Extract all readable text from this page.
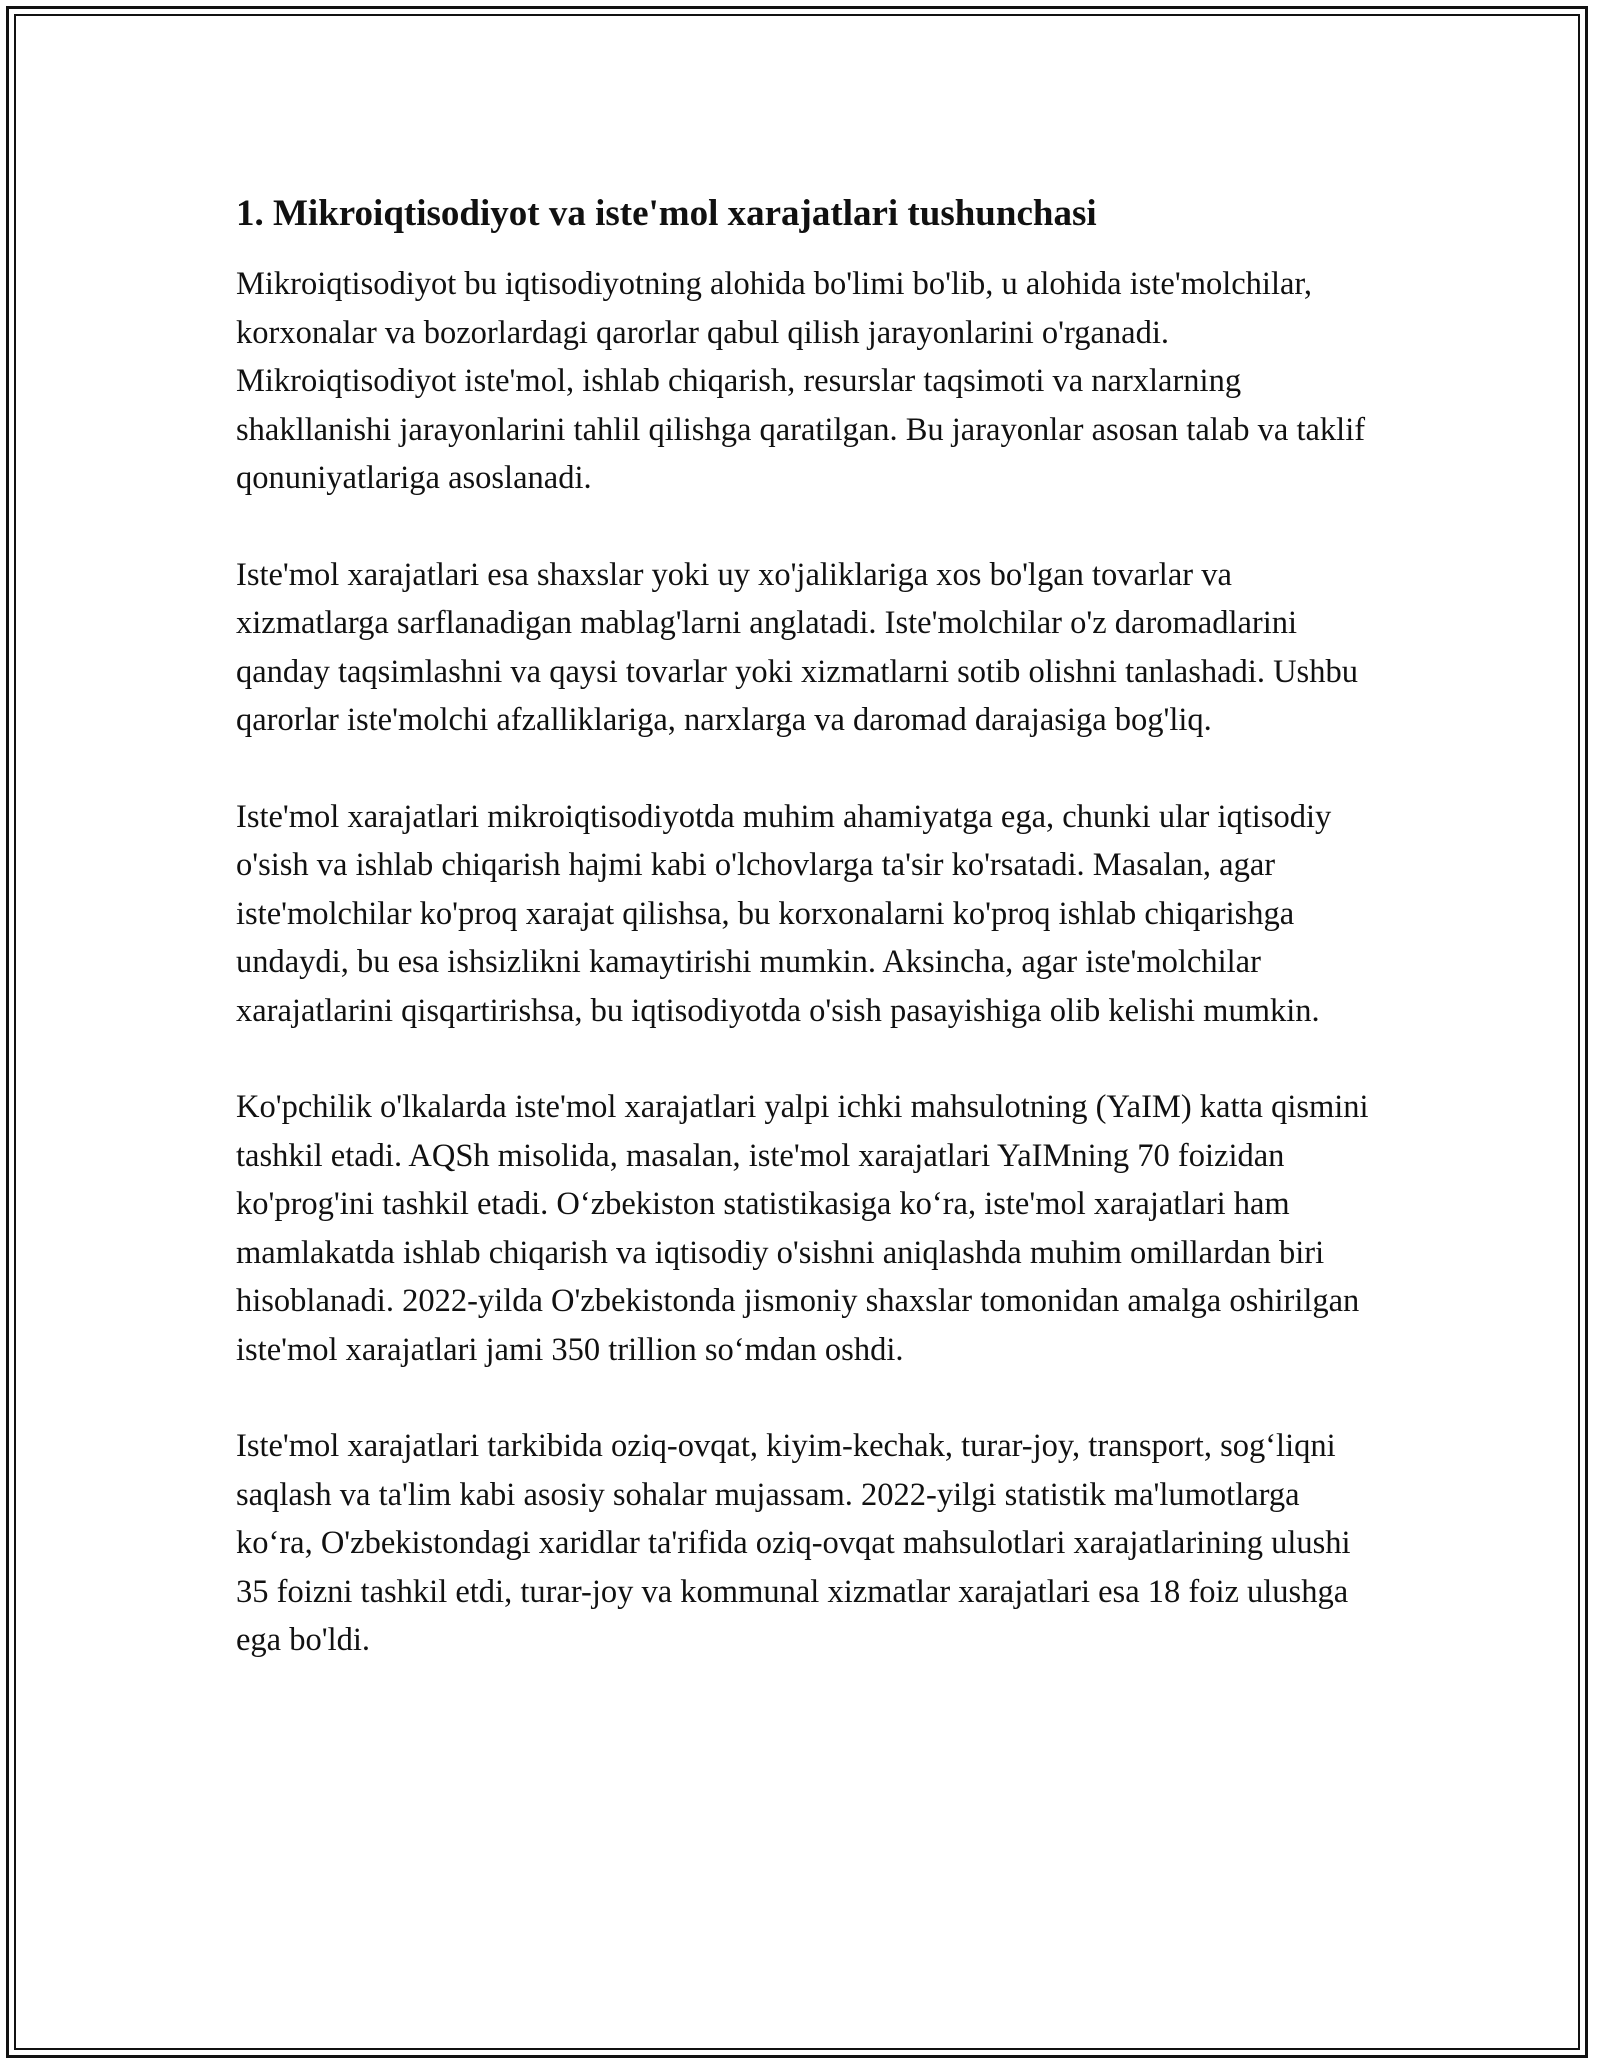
1. Mikroiqtisodiyot va iste'mol xarajatlari tushunchasi

Mikroiqtisodiyot bu iqtisodiyotning alohida bo'limi bo'lib, u alohida iste'molchilar, korxonalar va bozorlardagi qarorlar qabul qilish jarayonlarini o'rganadi. Mikroiqtisodiyot iste'mol, ishlab chiqarish, resurslar taqsimoti va narxlarning shakllanishi jarayonlarini tahlil qilishga qaratilgan. Bu jarayonlar asosan talab va taklif qonuniyatlariga asoslanadi.

Iste'mol xarajatlari esa shaxslar yoki uy xo'jaliklariga xos bo'lgan tovarlar va xizmatlarga sarflanadigan mablag'larni anglatadi. Iste'molchilar o'z daromadlarini qanday taqsimlashni va qaysi tovarlar yoki xizmatlarni sotib olishni tanlashadi. Ushbu qarorlar iste'molchi afzalliklariga, narxlarga va daromad darajasiga bog'liq.

Iste'mol xarajatlari mikroiqtisodiyotda muhim ahamiyatga ega, chunki ular iqtisodiy o'sish va ishlab chiqarish hajmi kabi o'lchovlarga ta'sir ko'rsatadi. Masalan, agar iste'molchilar ko'proq xarajat qilishsa, bu korxonalarni ko'proq ishlab chiqarishga undaydi, bu esa ishsizlikni kamaytirishi mumkin. Aksincha, agar iste'molchilar xarajatlarini qisqartirishsa, bu iqtisodiyotda o'sish pasayishiga olib kelishi mumkin.

Ko'pchilik o'lkalarda iste'mol xarajatlari yalpi ichki mahsulotning (YaIM) katta qismini tashkil etadi. AQSh misolida, masalan, iste'mol xarajatlari YaIMning 70 foizidan ko'prog'ini tashkil etadi. O‘zbekiston statistikasiga ko‘ra, iste'mol xarajatlari ham mamlakatda ishlab chiqarish va iqtisodiy o'sishni aniqlashda muhim omillardan biri hisoblanadi. 2022-yilda O'zbekistonda jismoniy shaxslar tomonidan amalga oshirilgan iste'mol xarajatlari jami 350 trillion so‘mdan oshdi.

Iste'mol xarajatlari tarkibida oziq-ovqat, kiyim-kechak, turar-joy, transport, sog‘liqni saqlash va ta'lim kabi asosiy sohalar mujassam. 2022-yilgi statistik ma'lumotlarga ko‘ra, O'zbekistondagi xaridlar ta'rifida oziq-ovqat mahsulotlari xarajatlarining ulushi 35 foizni tashkil etdi, turar-joy va kommunal xizmatlar xarajatlari esa 18 foiz ulushga ega bo'ldi.
